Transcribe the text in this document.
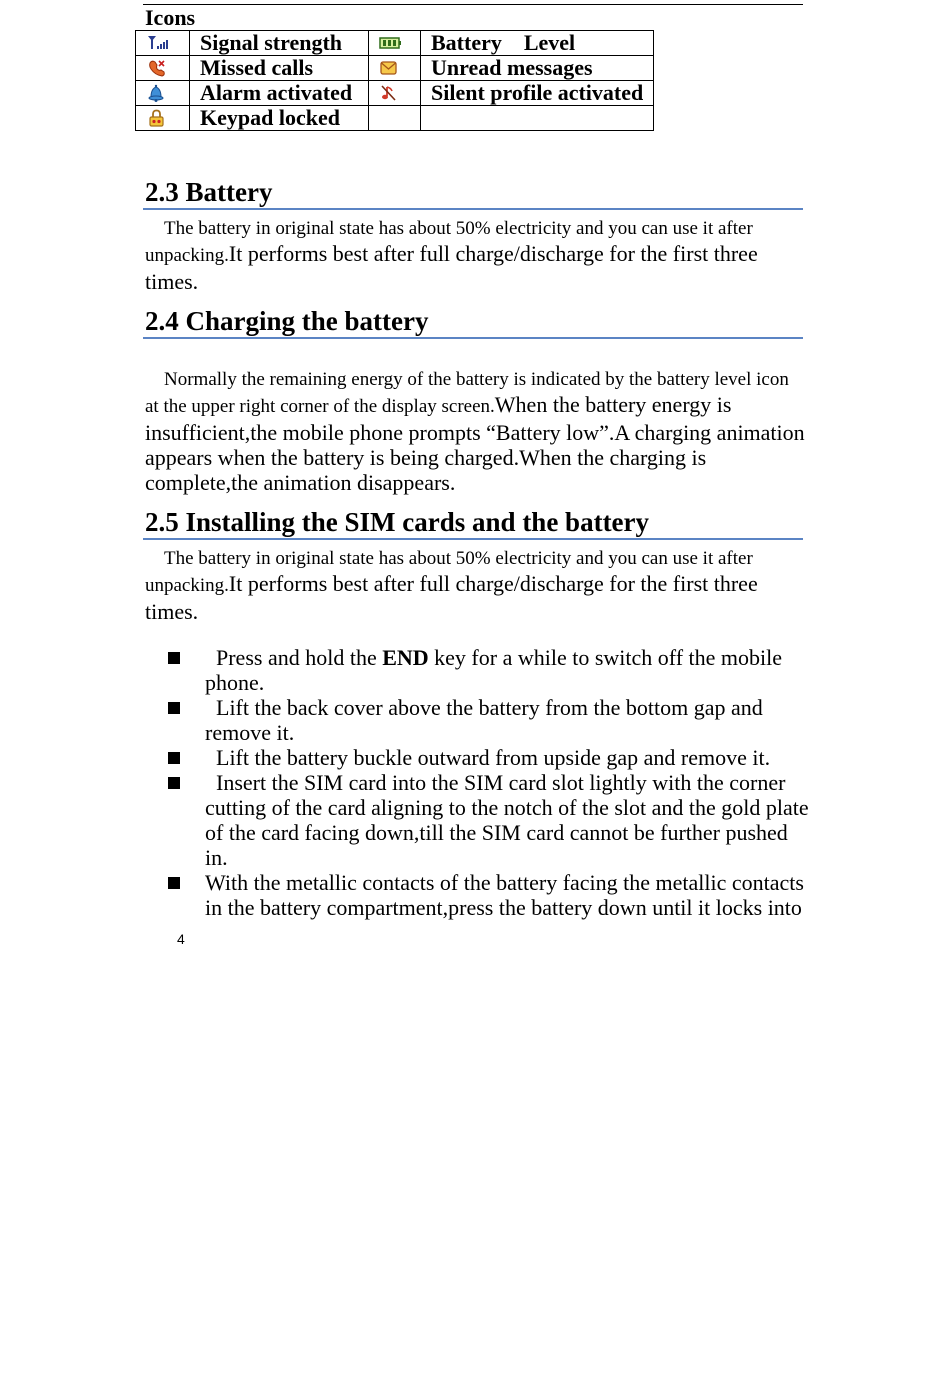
Icons
	Signal strength		Battery    Level

	Missed calls		Unread messages

	Alarm activated		Silent profile activated

	Keypad locked		
2.3 Battery
The battery in original state has about 50% electricity and you can use it after
unpacking.It performs best after full charge/discharge for the first three
times.
2.4 Charging the battery
Normally the remaining energy of the battery is indicated by the battery level icon
at the upper right corner of the display screen.When the battery energy is
insufficient,the mobile phone prompts “Battery low”.A charging animation
appears when the battery is being charged.When the charging is
complete,the animation disappears.
2.5 Installing the SIM cards and the battery
The battery in original state has about 50% electricity and you can use it after
unpacking.It performs best after full charge/discharge for the first three
times.
Press and hold the END key for a while to switch off the mobile
phone.
Lift the back cover above the battery from the bottom gap and
remove it.
Lift the battery buckle outward from upside gap and remove it.
Insert the SIM card into the SIM card slot lightly with the corner
cutting of the card aligning to the notch of the slot and the gold plate
of the card facing down,till the SIM card cannot be further pushed
in.
With the metallic contacts of the battery facing the metallic contacts
in the battery compartment,press the battery down until it locks into
4
